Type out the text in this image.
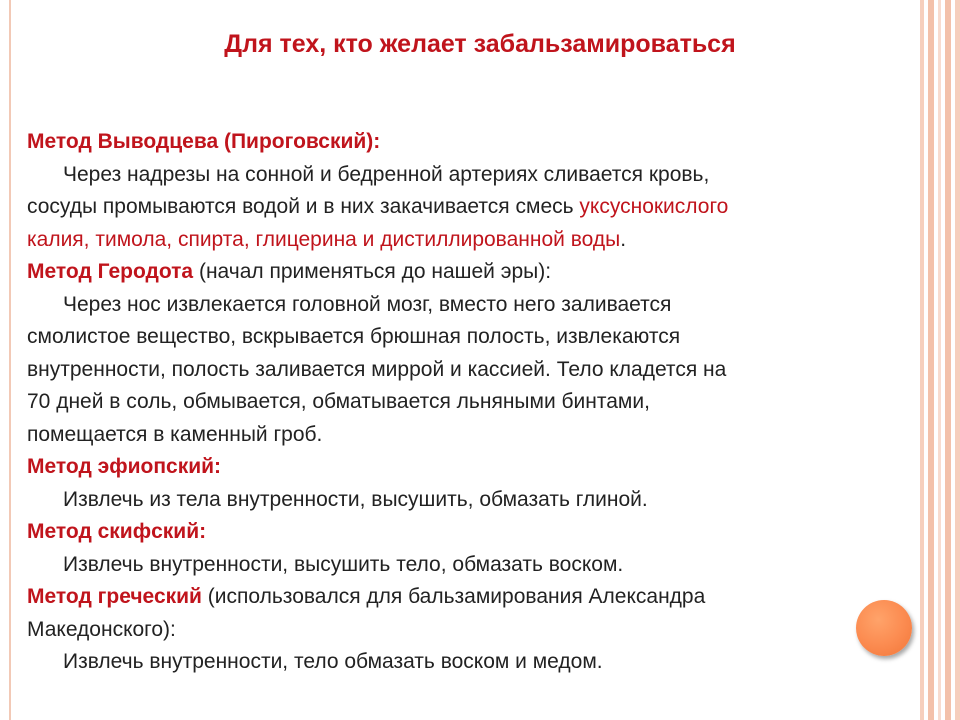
Для тех, кто желает забальзамироваться
Метод Выводцева (Пироговский):
Через надрезы на сонной и бедренной артериях сливается кровь,
сосуды промываются водой и в них закачивается смесь уксуснокислого
калия, тимола, спирта, глицерина и дистиллированной воды.
Метод Геродота (начал применяться до нашей эры):
Через нос извлекается головной мозг, вместо него заливается
смолистое вещество, вскрывается брюшная полость, извлекаются
внутренности, полость заливается миррой и кассией. Тело кладется на
70 дней в соль, обмывается, обматывается льняными бинтами,
помещается в каменный гроб.
Метод эфиопский:
Извлечь из тела внутренности, высушить, обмазать глиной.
Метод скифский:
Извлечь внутренности, высушить тело, обмазать воском.
Метод греческий (использовался для бальзамирования Александра
Македонского):
Извлечь внутренности, тело обмазать воском и медом.
